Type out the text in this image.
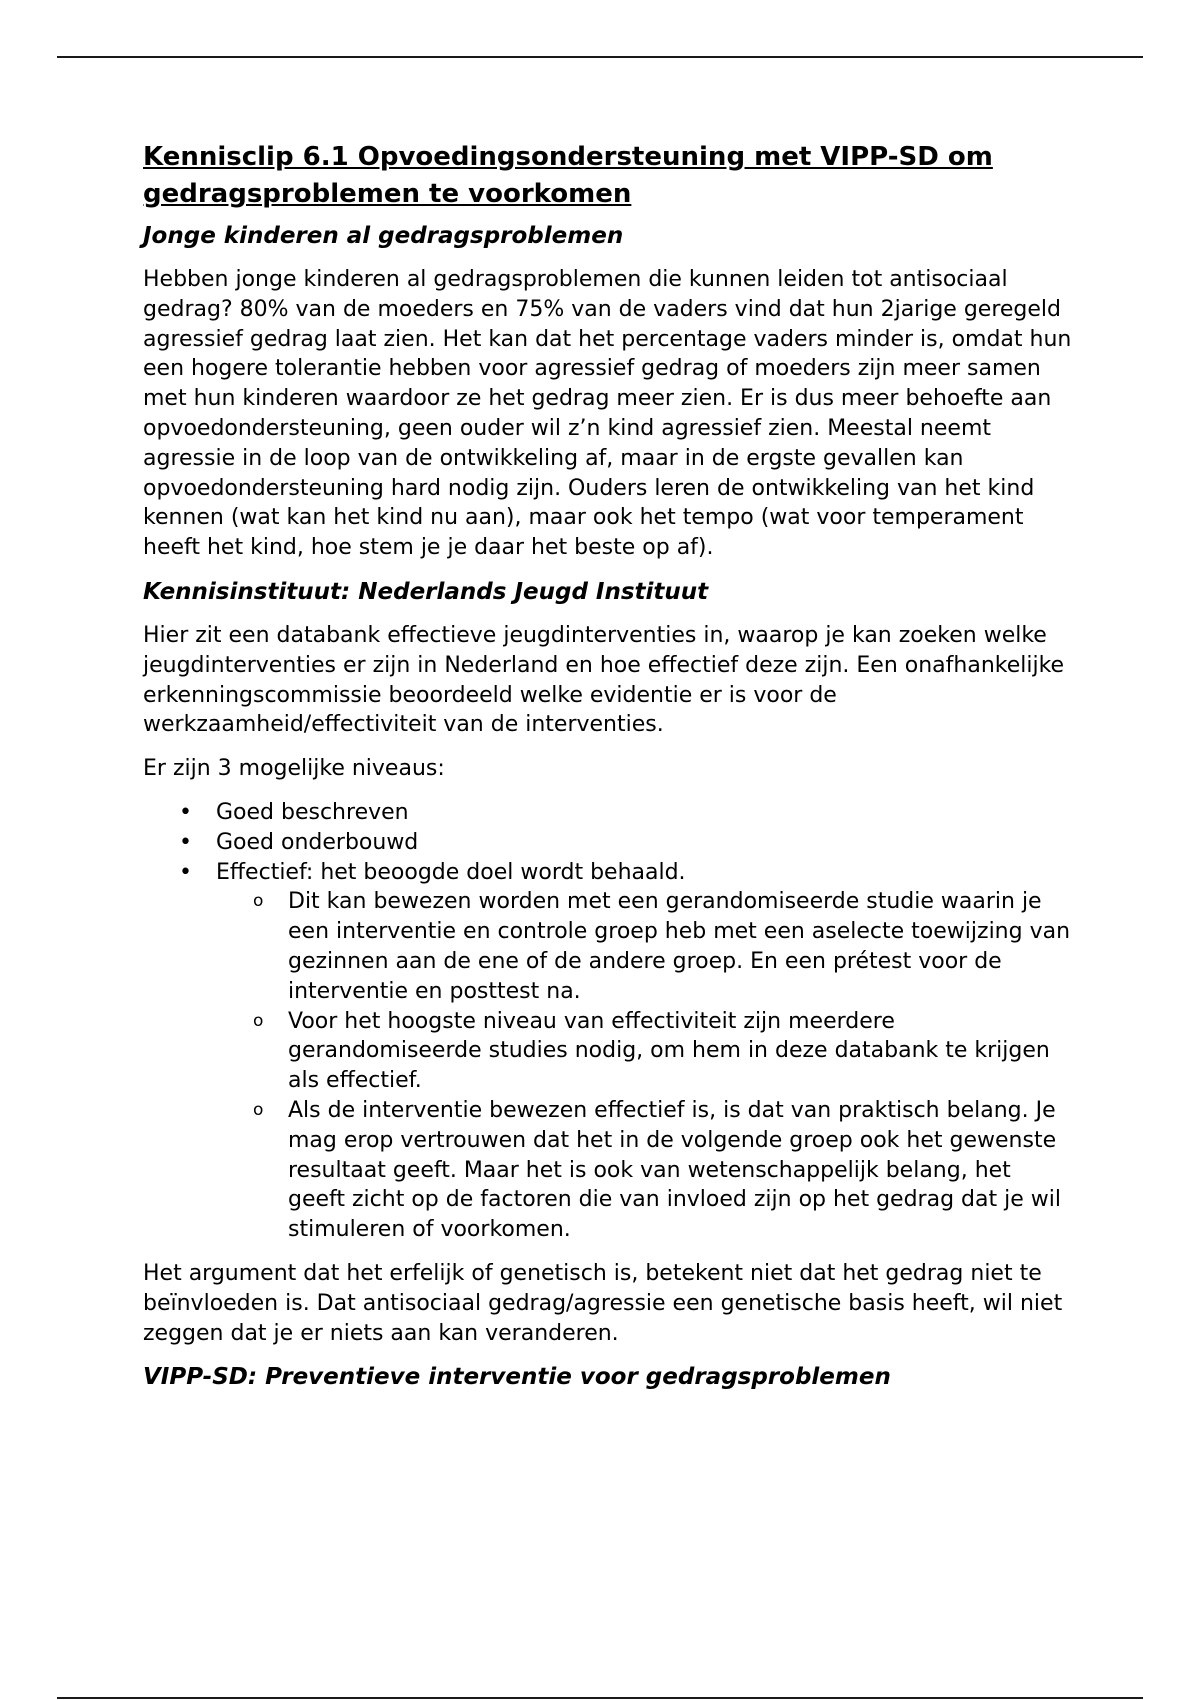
Kennisclip 6.1 Opvoedingsondersteuning met VIPP-SD om gedragsproblemen te voorkomen
Jonge kinderen al gedragsproblemen

Hebben jonge kinderen al gedragsproblemen die kunnen leiden tot antisociaal gedrag? 80% van de moeders en 75% van de vaders vind dat hun 2jarige geregeld agressief gedrag laat zien. Het kan dat het percentage vaders minder is, omdat hun een hogere tolerantie hebben voor agressief gedrag of moeders zijn meer samen met hun kinderen waardoor ze het gedrag meer zien. Er is dus meer behoefte aan opvoedondersteuning, geen ouder wil z’n kind agressief zien. Meestal neemt agressie in de loop van de ontwikkeling af, maar in de ergste gevallen kan opvoedondersteuning hard nodig zijn. Ouders leren de ontwikkeling van het kind kennen (wat kan het kind nu aan), maar ook het tempo (wat voor temperament heeft het kind, hoe stem je je daar het beste op af).

Kennisinstituut: Nederlands Jeugd Instituut

Hier zit een databank effectieve jeugdinterventies in, waarop je kan zoeken welke jeugdinterventies er zijn in Nederland en hoe effectief deze zijn. Een onafhankelijke erkenningscommissie beoordeeld welke evidentie er is voor de werkzaamheid/effectiviteit van de interventies.

Er zijn 3 mogelijke niveaus:

• Goed beschreven
• Goed onderbouwd
• Effectief: het beoogde doel wordt behaald.
o Dit kan bewezen worden met een gerandomiseerde studie waarin je een interventie en controle groep heb met een aselecte toewijzing van gezinnen aan de ene of de andere groep. En een prétest voor de interventie en posttest na.
o Voor het hoogste niveau van effectiviteit zijn meerdere gerandomiseerde studies nodig, om hem in deze databank te krijgen als effectief.
o Als de interventie bewezen effectief is, is dat van praktisch belang. Je mag erop vertrouwen dat het in de volgende groep ook het gewenste resultaat geeft. Maar het is ook van wetenschappelijk belang, het geeft zicht op de factoren die van invloed zijn op het gedrag dat je wil stimuleren of voorkomen.

Het argument dat het erfelijk of genetisch is, betekent niet dat het gedrag niet te beïnvloeden is. Dat antisociaal gedrag/agressie een genetische basis heeft, wil niet zeggen dat je er niets aan kan veranderen.

VIPP-SD: Preventieve interventie voor gedragsproblemen
